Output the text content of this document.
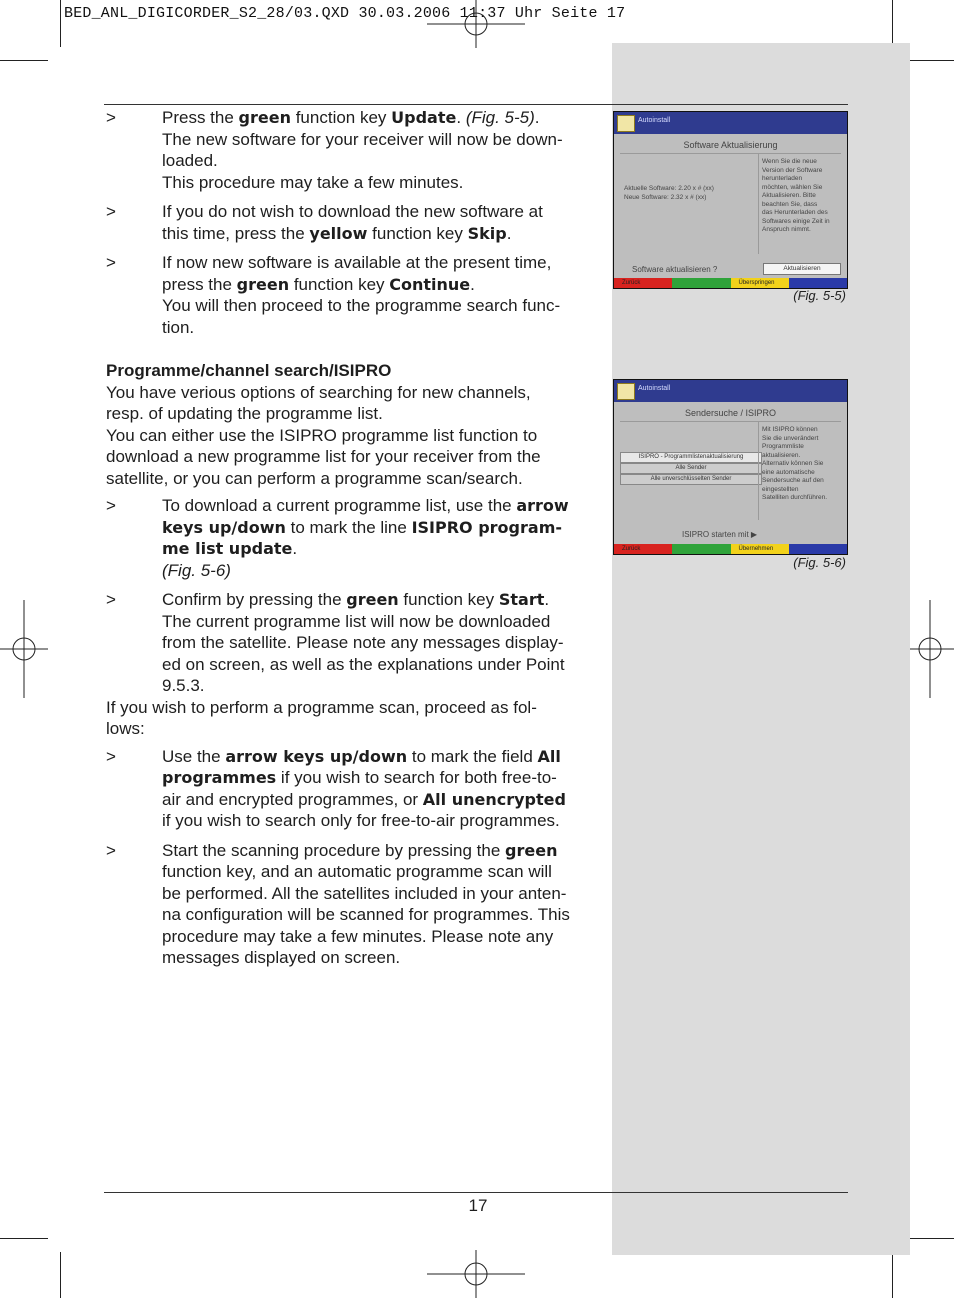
BED_ANL_DIGICORDER_S2_28/03.QXD 30.03.2006 11:37 Uhr Seite 17
17
>	Press the green function key Update. (Fig. 5-5).
The new software for your receiver will now be down-
loaded.
This procedure may take a few minutes.
>	If you do not wish to download the new software at
this time, press the yellow function key Skip.
>	If now new software is available at the present time,
press the green function key Continue.
You will then proceed to the programme search func-
tion.
Programme/channel search/ISIPRO
You have verious options of searching for new channels,
resp. of updating the programme list.
You can either use the ISIPRO programme list function to
download a new programme list for your receiver from the
satellite, or you can perform a programme scan/search.
>	To download a current programme list, use the arrow
keys up/down to mark the line ISIPRO program-
me list update.
(Fig. 5-6)
>	Confirm by pressing the green function key Start.
The current programme list will now be downloaded
from the satellite. Please note any messages display-
ed on screen, as well as the explanations under Point
9.5.3.
If you wish to perform a programme scan, proceed as fol-
lows:
>	Use the arrow keys up/down to mark the field All
programmes if you wish to search for both free-to-
air and encrypted programmes, or All unencrypted
if you wish to search only for free-to-air programmes.
>	Start the scanning procedure by pressing the green
function key, and an automatic programme scan will
be performed. All the satellites included in your anten-
na configuration will be scanned for programmes. This
procedure may take a few minutes. Please note any
messages displayed on screen.
Autoinstall
Software Aktualisierung
Aktuelle Software: 2.20 x # (xx)
Neue Software: 2.32 x # (xx)
Wenn Sie die neue
Version der Software
herunterladen
möchten, wählen Sie
Aktualisieren. Bitte
beachten Sie, dass
das Herunterladen des
Softwares einige Zeit in
Anspruch nimmt.
Software aktualisieren ?	Aktualisieren
Zurück	Überspringen
(Fig. 5-5)
Autoinstall
Sendersuche / ISIPRO
ISIPRO - Programmlistenaktualisierung
Alle Sender
Alle unverschlüsselten Sender
Mit ISIPRO können
Sie die unverändert
Programmliste
aktualisieren.
Alternativ können Sie
eine automatische
Sendersuche auf den
eingestellten
Satelliten durchführen.
ISIPRO starten mit ▶
Zurück	Übernehmen
(Fig. 5-6)
